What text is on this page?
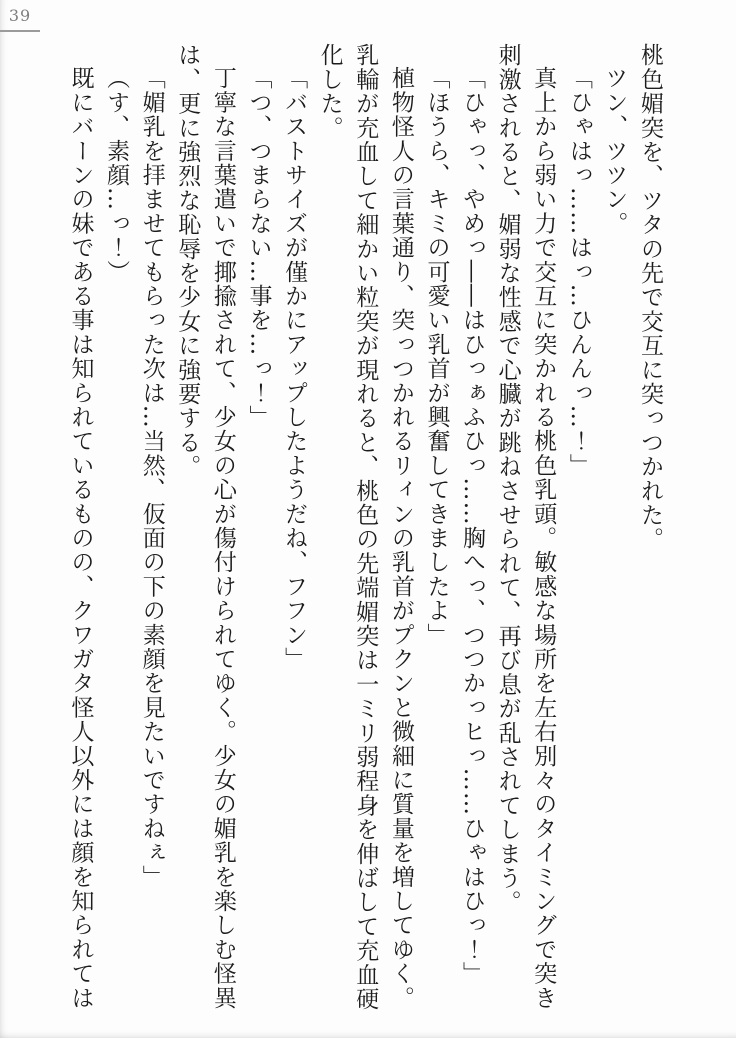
39

桃色媚突を、ツタの先で交互に突っつかれた。

ツン、ツツン。

「ひゃはっ……はっ…ひんんっ…！」

真上から弱い力で交互に突かれる桃色乳頭。敏感な場所を左右別々のタイミングで突き

刺激されると、媚弱な性感で心臓が跳ねさせられて、再び息が乱されてしまう。

「ひゃっ、やめっ――はひっぁふひっ……胸へっ、つつかっヒっ……ひゃはひっ！」

「ほうら、キミの可愛い乳首が興奮してきましたよ」

植物怪人の言葉通り、突っつかれるリィンの乳首がプクンと微細に質量を増してゆく。

乳輪が充血して細かい粒突が現れると、桃色の先端媚突は一ミリ弱程身を伸ばして充血硬

化した。

「バストサイズが僅かにアップしたようだね、フフン」

「つ、つまらない…事を…っ！」

丁寧な言葉遣いで揶揄されて、少女の心が傷付けられてゆく。少女の媚乳を楽しむ怪異

は、更に強烈な恥辱を少女に強要する。

「媚乳を拝ませてもらった次は…当然、仮面の下の素顔を見たいですねぇ」

（す、素顔…っ！）

既にバーンの妹である事は知られているものの、クワガタ怪人以外には顔を知られては
